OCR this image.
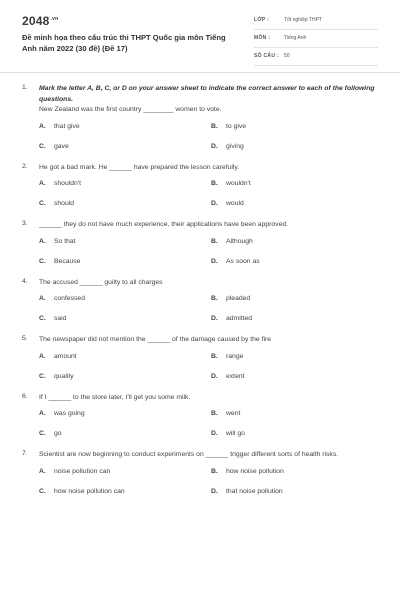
$2048^{.vn}$
Đề minh họa theo cấu trúc thi THPT Quốc gia môn Tiếng Anh năm 2022 (30 đề) (Đề 17)
LỚP :	Tốt nghiệp THPT
MÔN :	Tiếng Anh
SỐ CÂU : 50
1. Mark the letter A, B, C, or D on your answer sheet to indicate the correct answer to each of the following questions.
New Zealand was the first country ________ women to vote.
A.	that give	B.	to give
C.	gave	D.	giving
2. He got a bad mark. He ______ have prepared the lesson carefully.
A.	shouldn't	B.	wouldn't
C.	should	D.	would
3. ______ they do not have much experience, their applications have been approved.
A.	So that	B.	Although
C.	Because	D.	As soon as
4. The accused ______ guilty to all charges
A.	confessed	B.	pleaded
C.	said	D.	admitted
5. The newspaper did not mention the ______ of the damage caused by the fire
A.	amount	B.	range
C.	quality	D.	extent
6. If I ______ to the store later, I'll get you some milk.
A.	was going	B.	went
C.	go	D.	will go
7. Scientist are now beginning to conduct experiments on ______ trigger different sorts of health risks.
A.	noise pollution can	B.	how noise pollution
C.	how noise pollution can	D.	that noise pollution
